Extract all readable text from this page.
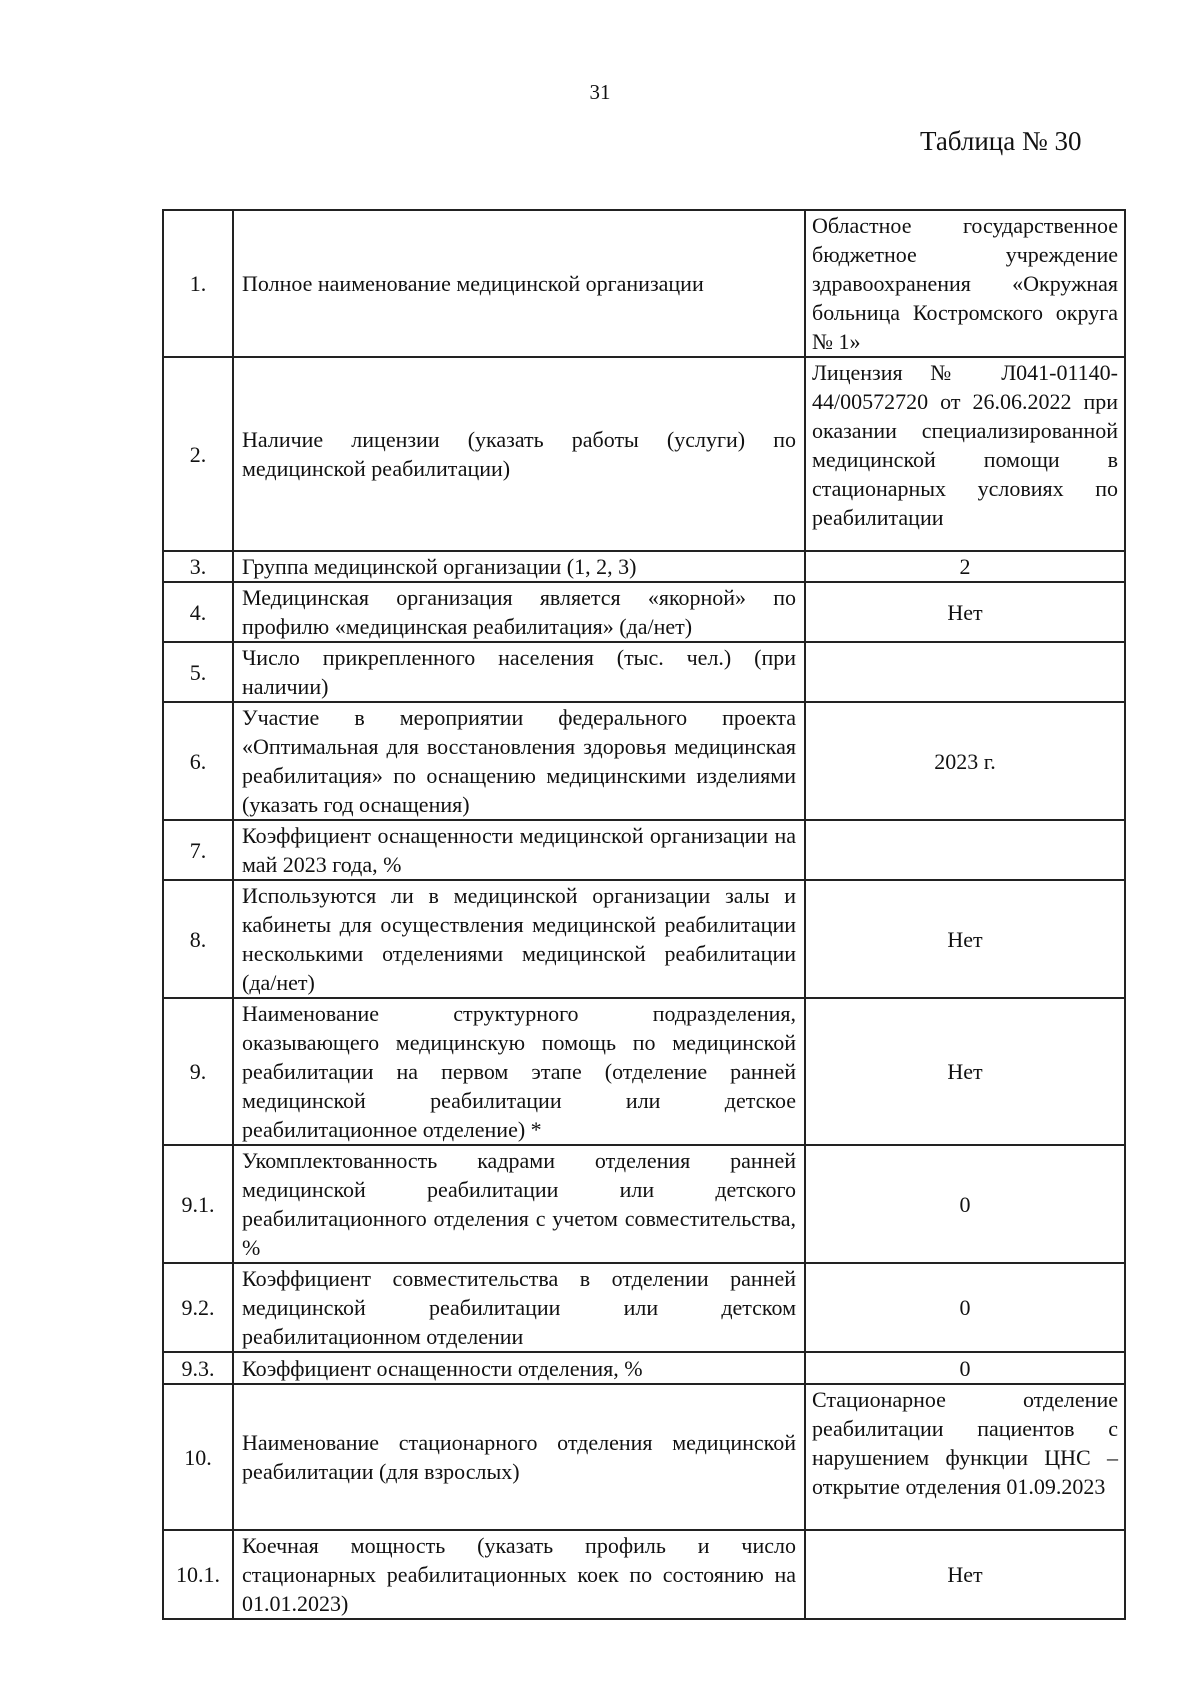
31
Таблица № 30
1.	Полное наименование медицинской организации	Областное государственное бюджетное учреждение здравоохранения «Окружная больница Костромского округа № 1»
2.	Наличие лицензии (указать работы (услуги) по медицинской реабилитации)	Лицензия № Л041-01140-44/00572720 от 26.06.2022 при оказании специализированной медицинской помощи в стационарных условиях по реабилитации
3.	Группа медицинской организации (1, 2, 3)	2
4.	Медицинская организация является «якорной» по профилю «медицинская реабилитация» (да/нет)	Нет
5.	Число прикрепленного населения (тыс. чел.) (при наличии)	
6.	Участие в мероприятии федерального проекта «Оптимальная для восстановления здоровья медицинская реабилитация» по оснащению медицинскими изделиями (указать год оснащения)	2023 г.
7.	Коэффициент оснащенности медицинской организации на май 2023 года, %	
8.	Используются ли в медицинской организации залы и кабинеты для осуществления медицинской реабилитации несколькими отделениями медицинской реабилитации (да/нет)	Нет
9.	Наименование структурного подразделения, оказывающего медицинскую помощь по медицинской реабилитации на первом этапе (отделение ранней медицинской реабилитации или детское реабилитационное отделение) *	Нет
9.1.	Укомплектованность кадрами отделения ранней медицинской реабилитации или детского реабилитационного отделения с учетом совместительства, %	0
9.2.	Коэффициент совместительства в отделении ранней медицинской реабилитации или детском реабилитационном отделении	0
9.3.	Коэффициент оснащенности отделения, %	0
10.	Наименование стационарного отделения медицинской реабилитации (для взрослых)	Стационарное отделение реабилитации пациентов с нарушением функции ЦНС – открытие отделения 01.09.2023
10.1.	Коечная мощность (указать профиль и число стационарных реабилитационных коек по состоянию на 01.01.2023)	Нет
